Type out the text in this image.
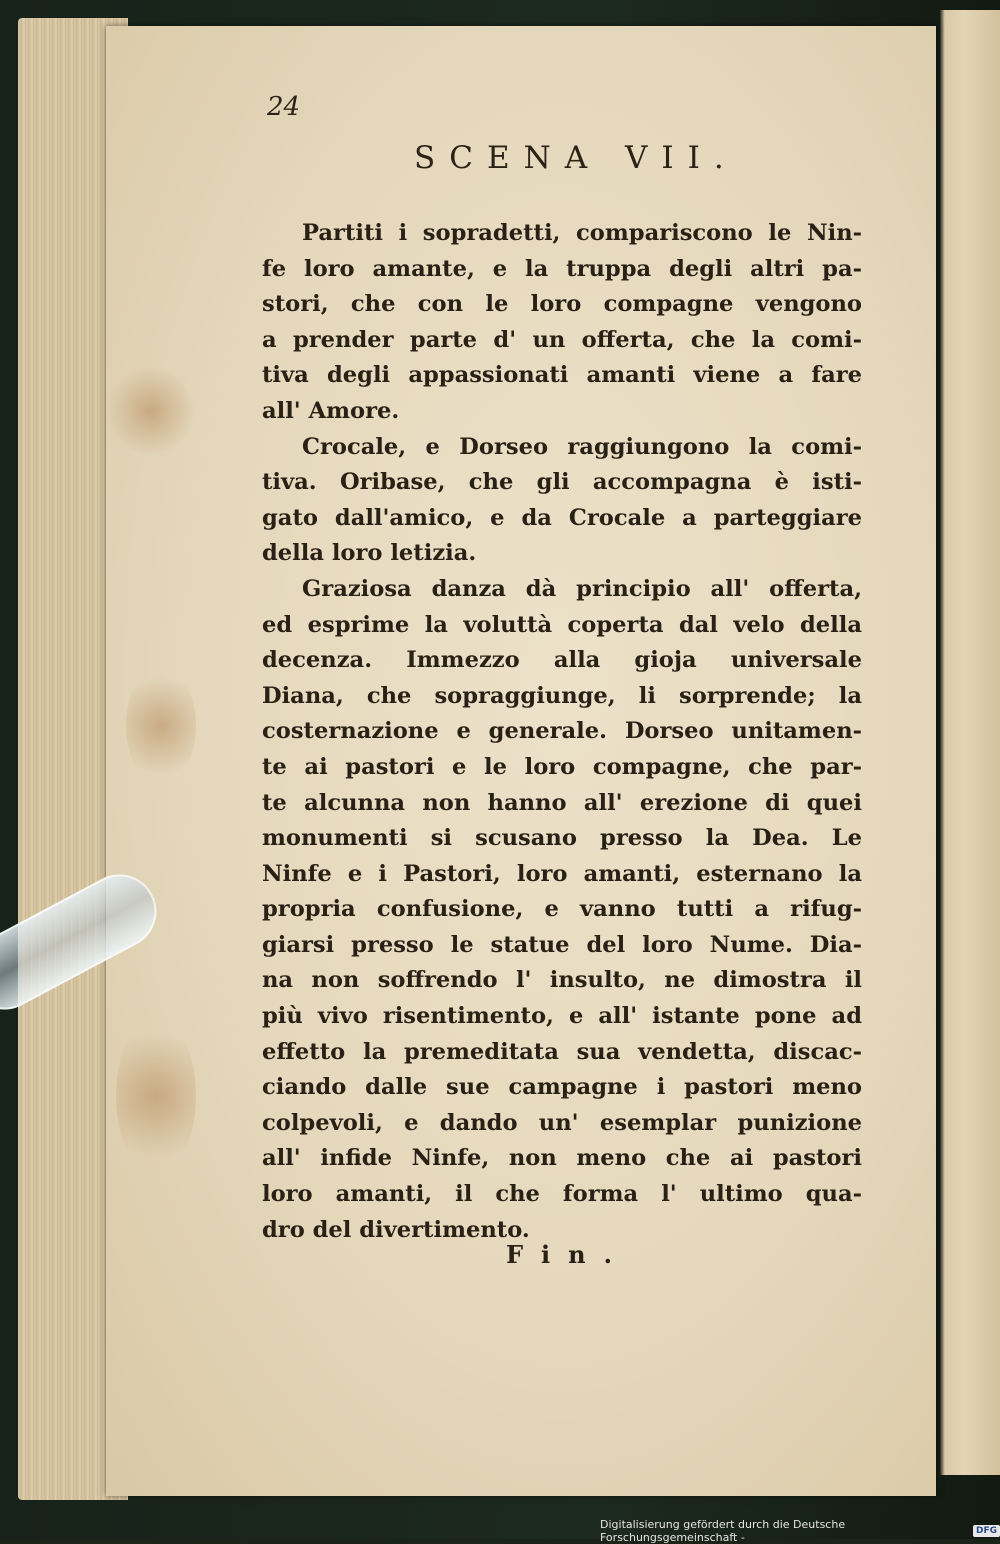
24
SCENA VII.
Partiti i sopradetti, compariscono le Nin-
fe loro amante, e la truppa degli altri pa-
stori, che con le loro compagne vengono
a prender parte d' un offerta, che la comi-
tiva degli appassionati amanti viene a fare
all' Amore.
Crocale, e Dorseo raggiungono la comi-
tiva. Oribase, che gli accompagna è isti-
gato dall'amico, e da Crocale a parteggiare
della loro letizia.
Graziosa danza dà principio all' offerta,
ed esprime la voluttà coperta dal velo della
decenza. Immezzo alla gioja universale
Diana, che sopraggiunge, li sorprende; la
costernazione e generale. Dorseo unitamen-
te ai pastori e le loro compagne, che par-
te alcunna non hanno all' erezione di quei
monumenti si scusano presso la Dea. Le
Ninfe e i Pastori, loro amanti, esternano la
propria confusione, e vanno tutti a rifug-
giarsi presso le statue del loro Nume. Dia-
na non soffrendo l' insulto, ne dimostra il
più vivo risentimento, e all' istante pone ad
effetto la premeditata sua vendetta, discac-
ciando dalle sue campagne i pastori meno
colpevoli, e dando un' esemplar punizione
all' infide Ninfe, non meno che ai pastori
loro amanti, il che forma l' ultimo qua-
dro del divertimento.
Fin.
Digitalisierung gefördert durch die Deutsche Forschungsgemeinschaft -	DFG
